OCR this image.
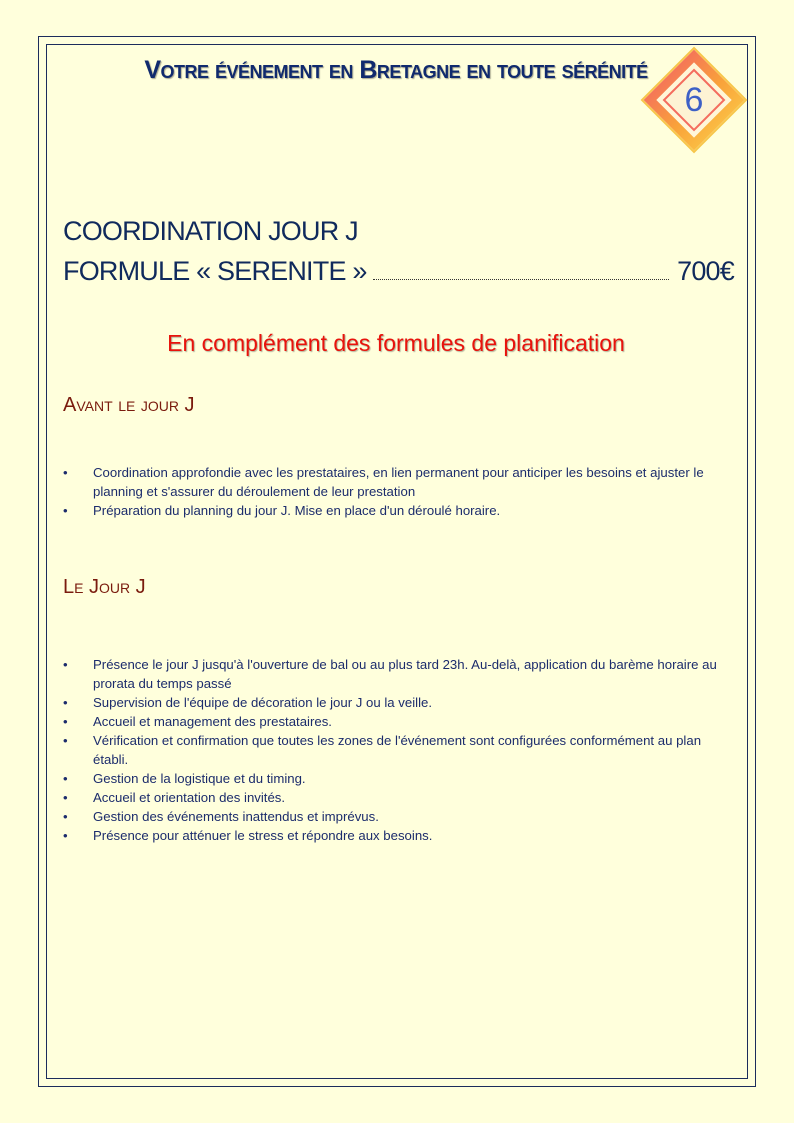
Votre événement en Bretagne en toute sérénité
6
COORDINATION JOUR J
FORMULE « SERENITE »	700€
En complément des formules de planification
Avant le jour J
• Coordination approfondie avec les prestataires, en lien permanent pour anticiper les besoins et ajuster le planning et s'assurer du déroulement de leur prestation
• Préparation du planning du jour J. Mise en place d'un déroulé horaire.
Le Jour J
• Présence le jour J jusqu'à l'ouverture de bal ou au plus tard 23h. Au-delà, application du barème horaire au prorata du temps passé
• Supervision de l'équipe de décoration le jour J ou la veille.
• Accueil et management des prestataires.
• Vérification et confirmation que toutes les zones de l'événement sont configurées conformément au plan établi.
• Gestion de la logistique et du timing.
• Accueil et orientation des invités.
• Gestion des événements inattendus et imprévus.
• Présence pour atténuer le stress et répondre aux besoins.
